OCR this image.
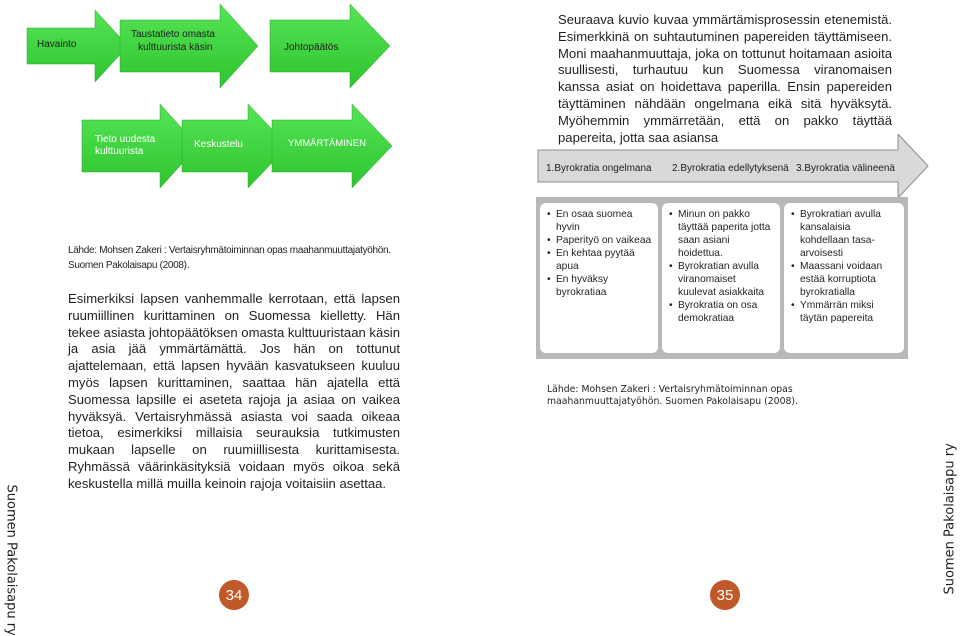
Havainto
Taustatieto omasta
kulttuurista käsin	Johtopäätös
Tieto uudesta
kulttuurista
Keskustelu	YMMÄRTÄMINEN
Lähde: Mohsen Zakeri : Vertaisryhmätoiminnan opas maahanmuuttajatyöhön. Suomen Pakolaisapu (2008).
Esimerkiksi lapsen vanhemmalle kerrotaan, että lapsen ruumiillinen kurittaminen on Suomessa kielletty. Hän tekee asiasta johtopäätöksen omasta kulttuuristaan käsin ja asia jää ymmärtämättä. Jos hän on tottunut ajattelemaan, että lapsen hyvään kasvatukseen kuuluu myös lapsen kurittaminen, saattaa hän ajatella että Suomessa lapsille ei aseteta rajoja ja asiaa on vaikea hyväksyä. Vertaisryhmässä asiasta voi saada oikeaa tietoa, esimerkiksi millaisia seurauksia tutkimusten mukaan lapselle on ruumiillisesta kurittamisesta. Ryhmässä väärinkäsityksiä voidaan myös oikoa sekä keskustella millä muilla keinoin rajoja voitaisiin asettaa.
Seuraava kuvio kuvaa ymmärtämisprosessin etenemistä. Esimerkkinä on suhtautuminen papereiden täyttämiseen. Moni maahanmuuttaja, joka on tottunut hoitamaan asioita suullisesti, turhautuu kun Suomessa viranomaisen kanssa asiat on hoidettava paperilla. Ensin papereiden täyttäminen nähdään ongelmana eikä sitä hyväksytä. Myöhemmin ymmärretään, että on pakko täyttää papereita, jotta saa asiansa
1.Byrokratia ongelmana 2.Byrokratia edellytyksenä 3.Byrokratia välineenä
• En osaa suomea hyvin
• Paperityö on vaikeaa
• En kehtaa pyytää apua
• En hyväksy byrokratiaa
• Minun on pakko täyttää paperita jotta saan asiani hoidettua.
• Byrokratian avulla viranomaiset kuulevat asiakkaita
• Byrokratia on osa demokratiaa
• Byrokratian avulla kansalaisia kohdellaan tasa-arvoisesti
• Maassani voidaan estää korruptiota byrokratialla
• Ymmärrän miksi täytän papereita
Lähde: Mohsen Zakeri : Vertaisryhmätoiminnan opas maahanmuuttajatyöhön. Suomen Pakolaisapu (2008).
Suomen Pakolaisapu ry	Suomen Pakolaisapu ry
34	35
